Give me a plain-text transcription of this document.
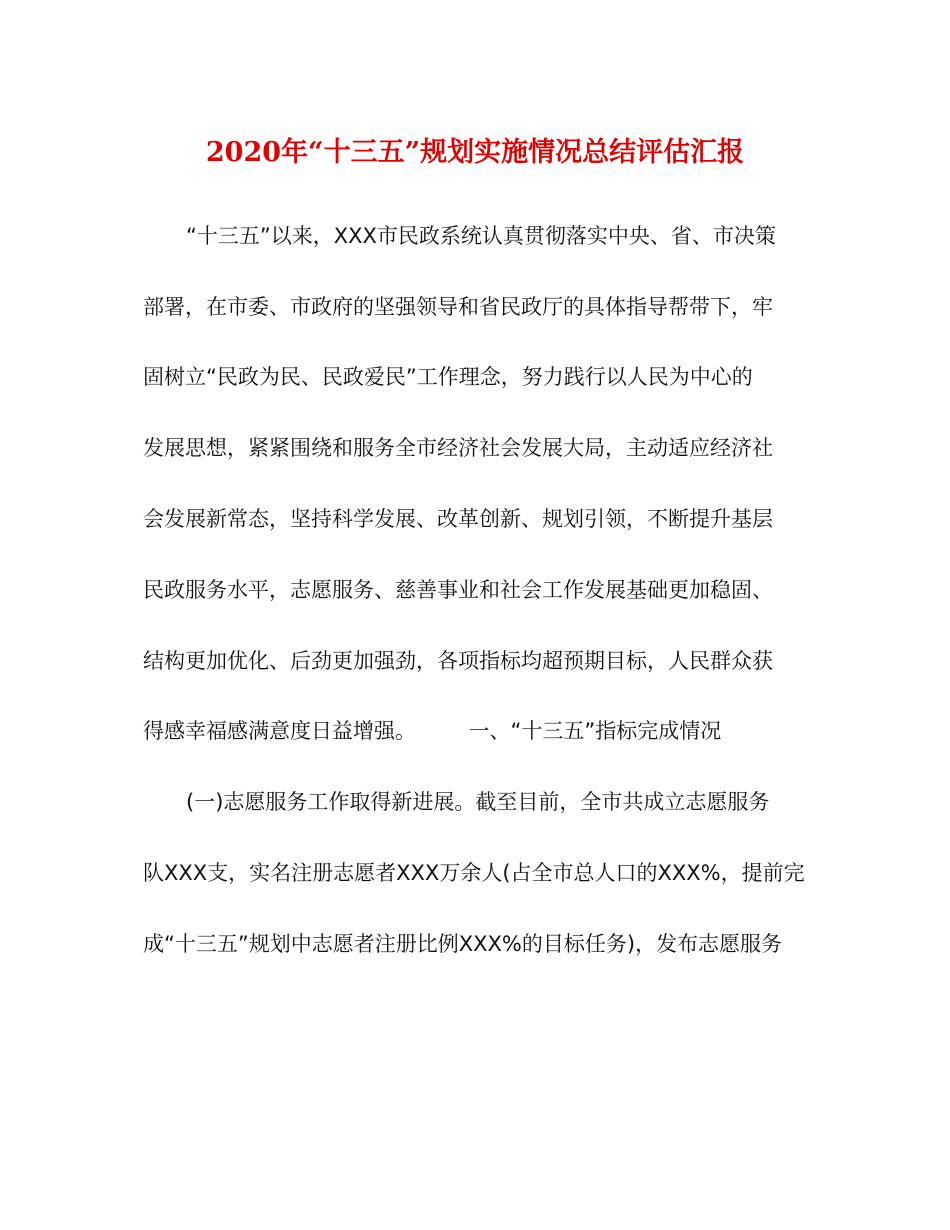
2020年“十三五”规划实施情况总结评估汇报
“十三五”以来，XXX市民政系统认真贯彻落实中央、省、市决策
部署，在市委、市政府的坚强领导和省民政厅的具体指导帮带下，牢
固树立“民政为民、民政爱民”工作理念，努力践行以人民为中心的
发展思想，紧紧围绕和服务全市经济社会发展大局，主动适应经济社
会发展新常态，坚持科学发展、改革创新、规划引领，不断提升基层
民政服务水平，志愿服务、慈善事业和社会工作发展基础更加稳固、
结构更加优化、后劲更加强劲，各项指标均超预期目标，人民群众获
得感幸福感满意度日益增强。　　　一、“十三五”指标完成情况
(一)志愿服务工作取得新进展。截至目前，全市共成立志愿服务
队XXX支，实名注册志愿者XXX万余人(占全市总人口的XXX%，提前完
成“十三五”规划中志愿者注册比例XXX%的目标任务)，发布志愿服务
